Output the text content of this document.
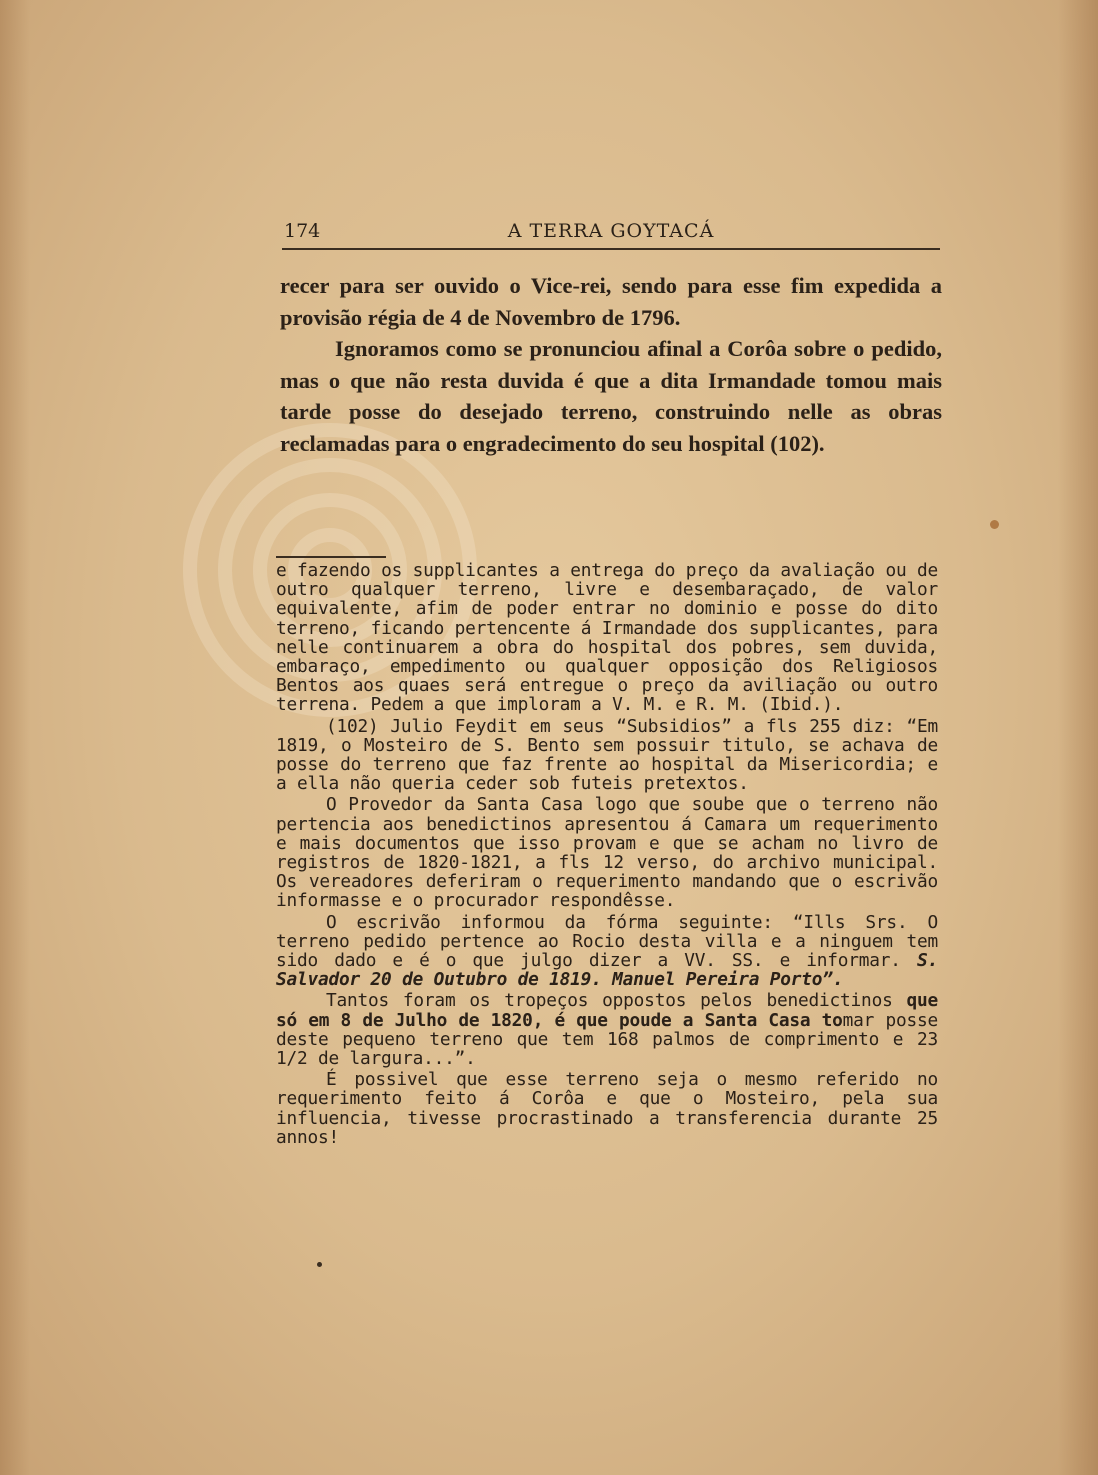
174	A TERRA GOYTACÁ

recer para ser ouvido o Vice-rei, sendo para esse fim expedida a provisão régia de 4 de Novembro de 1796.

Ignoramos como se pronunciou afinal a Corôa sobre o pedido, mas o que não resta duvida é que a dita Irmandade tomou mais tarde posse do desejado terreno, construindo nelle as obras reclamadas para o engradecimento do seu hospital (102).

e fazendo os supplicantes a entrega do preço da avaliação ou de outro qualquer terreno, livre e desembaraçado, de valor equivalente, afim de poder entrar no dominio e posse do dito terreno, ficando pertencente á Irmandade dos supplicantes, para nelle continuarem a obra do hospital dos pobres, sem duvida, embaraço, empedimento ou qualquer opposição dos Religiosos Bentos aos quaes será entregue o preço da aviliação ou outro terrena. Pedem a que imploram a V. M. e R. M. (Ibid.).

(102) Julio Feydit em seus “Subsidios” a fls 255 diz: “Em 1819, o Mosteiro de S. Bento sem possuir titulo, se achava de posse do terreno que faz frente ao hospital da Misericordia; e a ella não queria ceder sob futeis pretextos.

O Provedor da Santa Casa logo que soube que o terreno não pertencia aos benedictinos apresentou á Camara um requerimento e mais documentos que isso provam e que se acham no livro de registros de 1820-1821, a fls 12 verso, do archivo municipal. Os vereadores deferiram o requerimento mandando que o escrivão informasse e o procurador respondêsse.

O escrivão informou da fórma seguinte: “Ills Srs. O terreno pedido pertence ao Rocio desta villa e a ninguem tem sido dado e é o que julgo dizer a VV. SS. e informar. S. Salvador 20 de Outubro de 1819. Manuel Pereira Porto”.

Tantos foram os tropeços oppostos pelos benedictinos que só em 8 de Julho de 1820, é que poude a Santa Casa tomar posse deste pequeno terreno que tem 168 palmos de comprimento e 23 1/2 de largura...”.

É possivel que esse terreno seja o mesmo referido no requerimento feito á Corôa e que o Mosteiro, pela sua influencia, tivesse procrastinado a transferencia durante 25 annos!
